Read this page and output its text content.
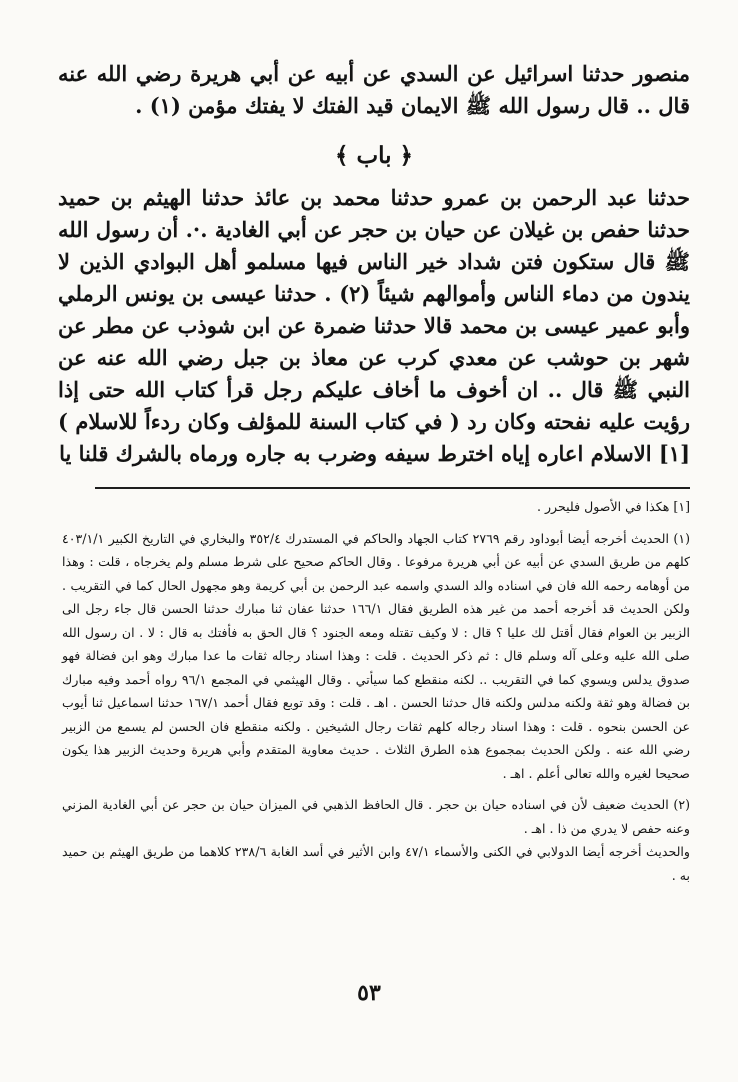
منصور حدثنا اسرائيل عن السدي عن أبيه عن أبي هريرة رضي الله عنه قال .. قال رسول الله ﷺ الايمان قيد الفتك لا يفتك مؤمن (١) .

﴿ باب ﴾

حدثنا عبد الرحمن بن عمرو حدثنا محمد بن عائذ حدثنا الهيثم بن حميد حدثنا حفص بن غيلان عن حيان بن حجر عن أبي الغادية .·. أن رسول الله ﷺ قال ستكون فتن شداد خير الناس فيها مسلمو أهل البوادي الذين لا يندون من دماء الناس وأموالهم شيئاً (٢) . حدثنا عيسى بن يونس الرملي وأبو عمير عيسى بن محمد قالا حدثنا ضمرة عن ابن شوذب عن مطر عن شهر بن حوشب عن معدي كرب عن معاذ بن جبل رضي الله عنه عن النبي ﷺ قال .. ان أخوف ما أخاف عليكم رجل قرأ كتاب الله حتى إذا رؤيت عليه نفحته وكان رد ( في كتاب السنة للمؤلف وكان ردءاً للاسلام ) [١] الاسلام اعاره إياه اخترط سيفه وضرب به جاره ورماه بالشرك قلنا يا

[١] هكذا في الأصول فليحرر .

(١) الحديث أخرجه أيضا أبوداود رقم ٢٧٦٩ كتاب الجهاد والحاكم في المستدرك ٣٥٢/٤ والبخاري في التاريخ الكبير ٤٠٣/١/١ كلهم من طريق السدي عن أبيه عن أبي هريرة مرفوعا . وقال الحاكم صحيح على شرط مسلم ولم يخرجاه ، قلت : وهذا من أوهامه رحمه الله فان في اسناده والد السدي واسمه عبد الرحمن بن أبي كريمة وهو مجهول الحال كما في التقريب . ولكن الحديث قد أخرجه أحمد من غير هذه الطريق فقال ١٦٦/١ حدثنا عفان ثنا مبارك حدثنا الحسن قال جاء رجل الى الزبير بن العوام فقال أقتل لك عليا ؟ قال : لا وكيف تقتله ومعه الجنود ؟ قال الحق به فأفتك به قال : لا . ان رسول الله صلى الله عليه وعلى آله وسلم قال : ثم ذكر الحديث . قلت : وهذا اسناد رجاله ثقات ما عدا مبارك وهو ابن فضالة فهو صدوق يدلس ويسوي كما في التقريب .. لكنه منقطع كما سيأتي . وقال الهيثمي في المجمع ٩٦/١ رواه أحمد وفيه مبارك بن فضالة وهو ثقة ولكنه مدلس ولكنه قال حدثنا الحسن . اهـ . قلت : وقد توبع فقال أحمد ١٦٧/١ حدثنا اسماعيل ثنا أيوب عن الحسن بنحوه . قلت : وهذا اسناد رجاله كلهم ثقات رجال الشيخين . ولكنه منقطع فان الحسن لم يسمع من الزبير رضي الله عنه . ولكن الحديث بمجموع هذه الطرق الثلاث . حديث معاوية المتقدم وأبي هريرة وحديث الزبير هذا يكون صحيحا لغيره والله تعالى أعلم . اهـ .

(٢) الحديث ضعيف لأن في اسناده حيان بن حجر . قال الحافظ الذهبي في الميزان حيان بن حجر عن أبي الغادية المزني وعنه حفص لا يدري من ذا . اهـ .

والحديث أخرجه أيضا الدولابي في الكنى والأسماء ٤٧/١ وابن الأثير في أسد الغابة ٢٣٨/٦ كلاهما من طريق الهيثم بن حميد به .

٥٣
